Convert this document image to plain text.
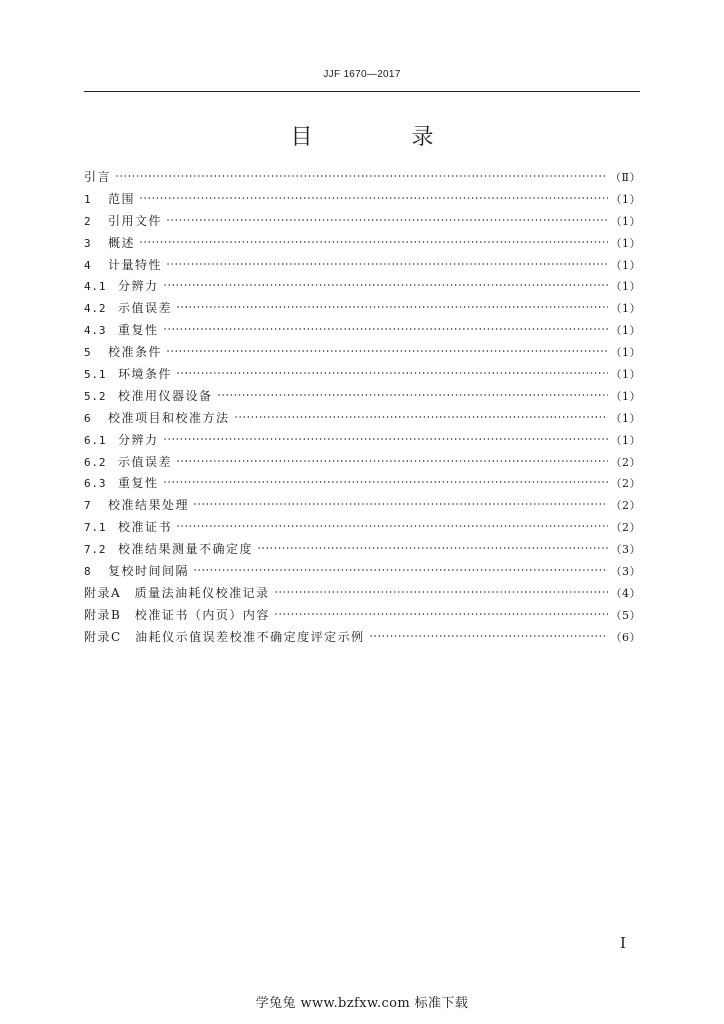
JJF 1670—2017
目 录
引言	（Ⅱ）
1	范围	（1）
2	引用文件	（1）
3	概述	（1）
4	计量特性	（1）
4.1 分辨力	（1）
4.2 示值误差	（1）
4.3 重复性	（1）
5	校准条件	（1）
5.1 环境条件	（1）
5.2 校准用仪器设备	（1）
6	校准项目和校准方法	（1）
6.1 分辨力	（1）
6.2 示值误差	（2）
6.3 重复性	（2）
7	校准结果处理	（2）
7.1 校准证书	（2）
7.2 校准结果测量不确定度	（3）
8	复校时间间隔	（3）
附录A　质量法油耗仪校准记录	（4）
附录B　校准证书（内页）内容	（5）
附录C　油耗仪示值误差校准不确定度评定示例	（6）
I
学兔兔 www.bzfxw.com 标准下载
